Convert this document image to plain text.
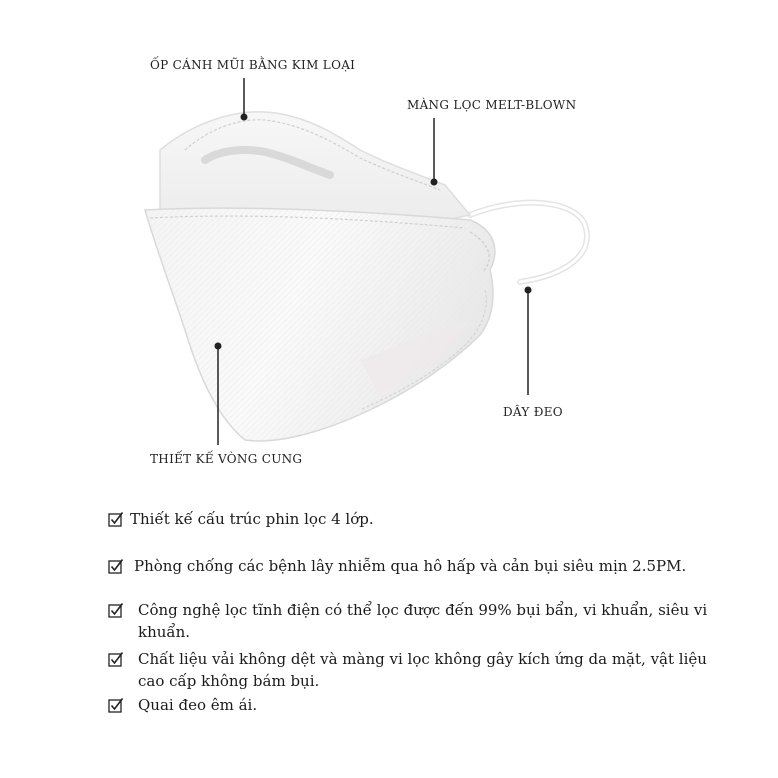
ỐP CÁNH MŨI BẰNG KIM LOẠI
MÀNG LỌC MELT-BLOWN
DÂY ĐEO
THIẾT KẾ VÒNG CUNG
Thiết kế cấu trúc phin lọc 4 lớp.
Phòng chống các bệnh lây nhiễm qua hô hấp và cản bụi siêu mịn 2.5PM.
Công nghệ lọc tĩnh điện có thể lọc được đến 99% bụi bẩn, vi khuẩn, siêu vi khuẩn.
Chất liệu vải không dệt và màng vi lọc không gây kích ứng da mặt, vật liệu cao cấp không bám bụi.
Quai đeo êm ái.
